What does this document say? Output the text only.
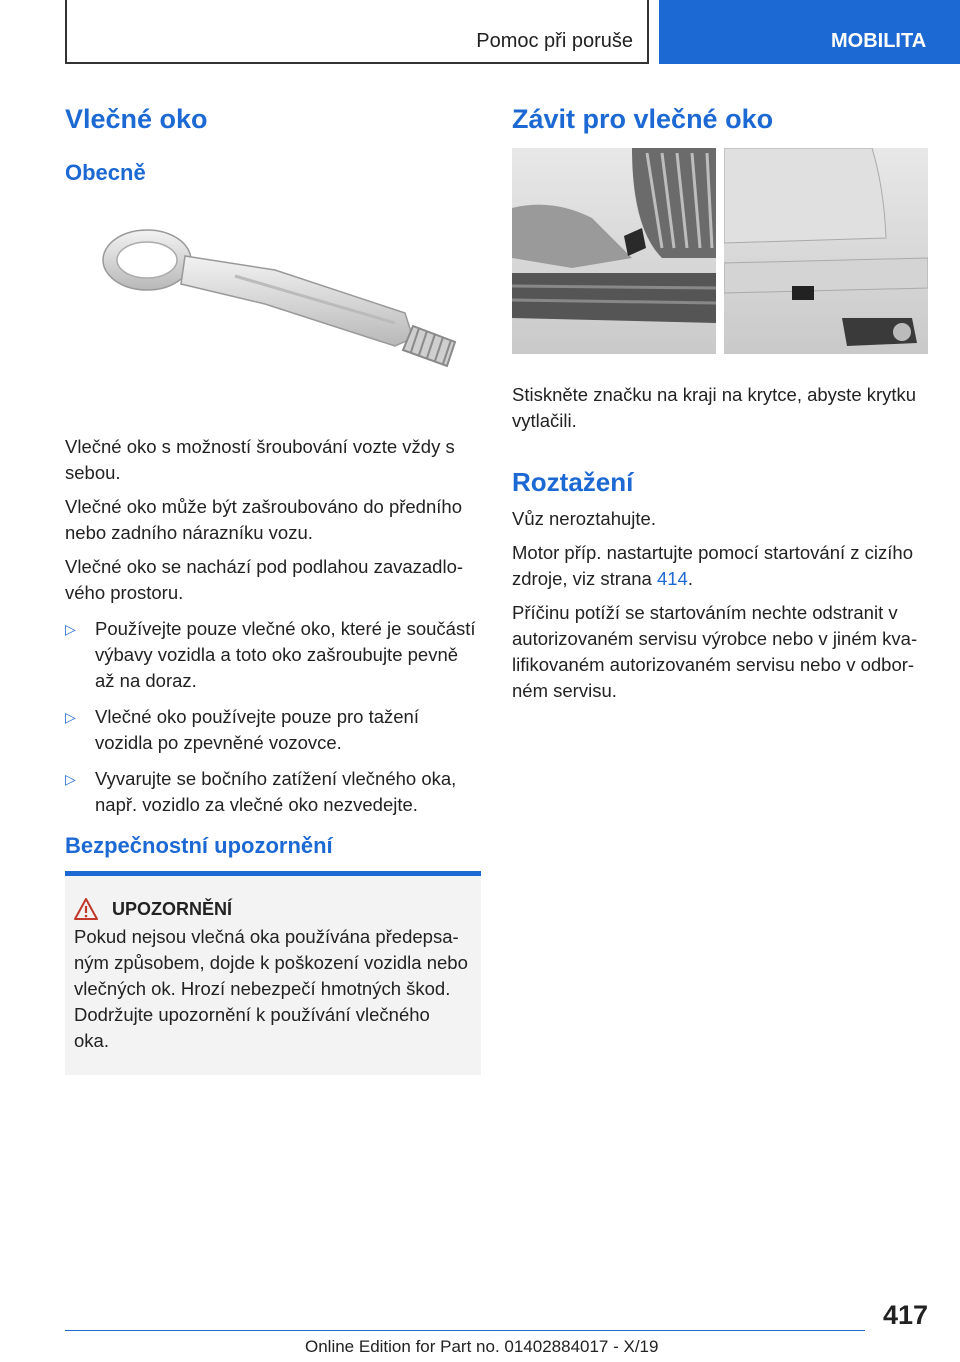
Pomoc při poruše	MOBILITA
Vlečné oko
Obecně

Vlečné oko s možností šroubování vozte vždy s sebou.

Vlečné oko může být zašroubováno do předního nebo zadního nárazníku vozu.

Vlečné oko se nachází pod podlahou zavazadlového prostoru.

▷ Používejte pouze vlečné oko, které je součástí výbavy vozidla a toto oko zašroubujte pevně až na doraz.
▷ Vlečné oko používejte pouze pro tažení vozidla po zpevněné vozovce.
▷ Vyvarujte se bočního zatížení vlečného oka, např. vozidlo za vlečné oko nezvedejte.
Bezpečnostní upozornění
UPOZORNĚNÍ

Pokud nejsou vlečná oka používána předepsaným způsobem, dojde k poškození vozidla nebo vlečných ok. Hrozí nebezpečí hmotných škod. Dodržujte upozornění k používání vlečného oka.

Závit pro vlečné oko

Stiskněte značku na kraji na krytce, abyste krytku vytlačili.

Roztažení

Vůz neroztahujte.

Motor příp. nastartujte pomocí startování z cizího zdroje, viz strana 414.

Příčinu potíží se startováním nechte odstranit v autorizovaném servisu výrobce nebo v jiném kvalifikovaném autorizovaném servisu nebo v odborném servisu.

417
Online Edition for Part no. 01402884017 - X/19
